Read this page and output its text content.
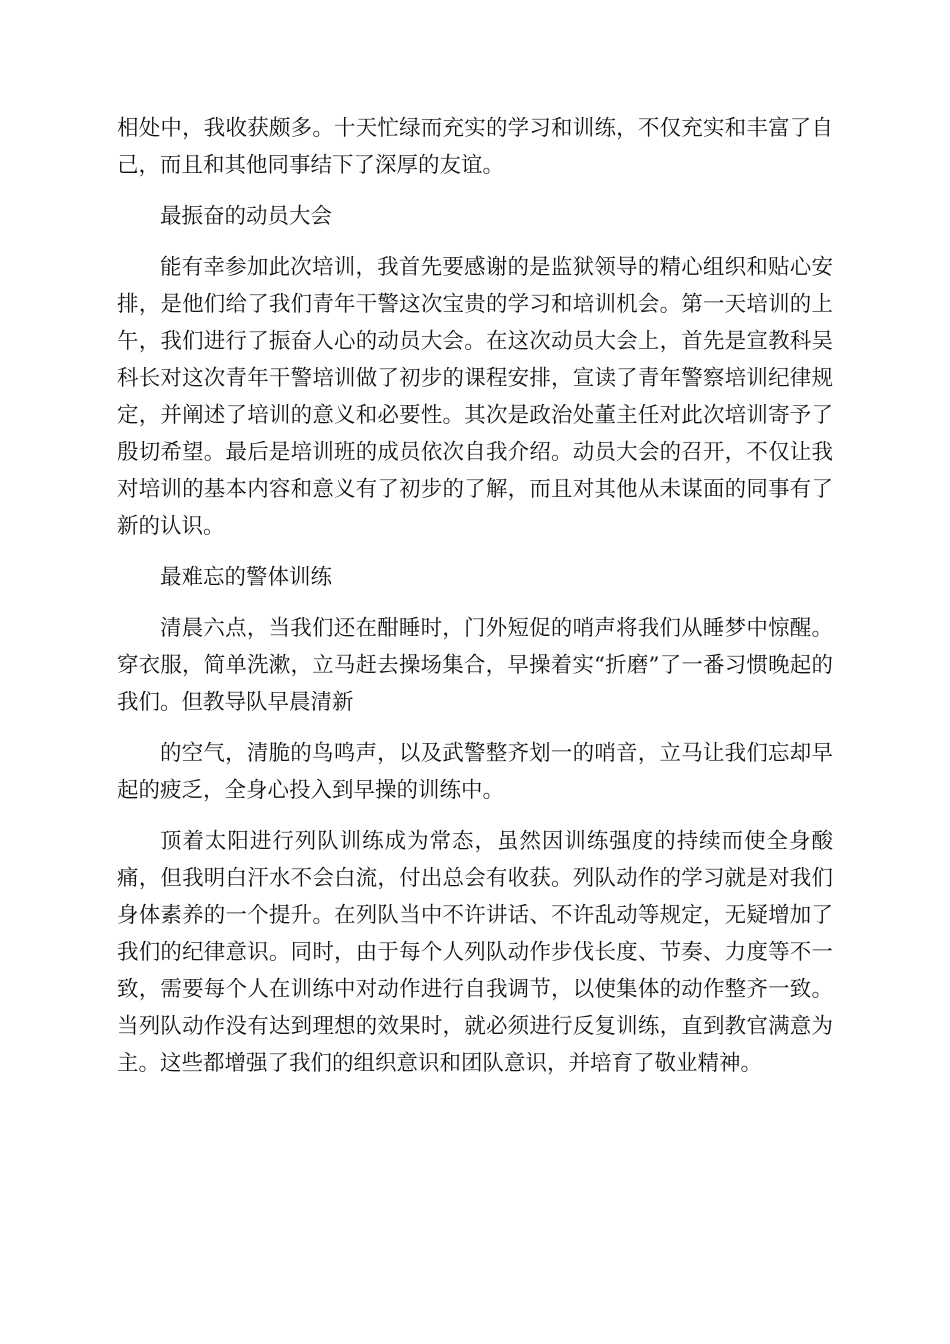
相处中，我收获颇多。十天忙绿而充实的学习和训练，不仅充实和丰富了自己，而且和其他同事结下了深厚的友谊。

最振奋的动员大会

能有幸参加此次培训，我首先要感谢的是监狱领导的精心组织和贴心安排，是他们给了我们青年干警这次宝贵的学习和培训机会。第一天培训的上午，我们进行了振奋人心的动员大会。在这次动员大会上，首先是宣教科吴科长对这次青年干警培训做了初步的课程安排，宣读了青年警察培训纪律规定，并阐述了培训的意义和必要性。其次是政治处董主任对此次培训寄予了殷切希望。最后是培训班的成员依次自我介绍。动员大会的召开，不仅让我对培训的基本内容和意义有了初步的了解，而且对其他从未谋面的同事有了新的认识。

最难忘的警体训练

清晨六点，当我们还在酣睡时，门外短促的哨声将我们从睡梦中惊醒。穿衣服，简单洗漱，立马赶去操场集合，早操着实“折磨”了一番习惯晚起的我们。但教导队早晨清新

的空气，清脆的鸟鸣声，以及武警整齐划一的哨音，立马让我们忘却早起的疲乏，全身心投入到早操的训练中。

顶着太阳进行列队训练成为常态，虽然因训练强度的持续而使全身酸痛，但我明白汗水不会白流，付出总会有收获。列队动作的学习就是对我们身体素养的一个提升。在列队当中不许讲话、不许乱动等规定，无疑增加了我们的纪律意识。同时，由于每个人列队动作步伐长度、节奏、力度等不一致，需要每个人在训练中对动作进行自我调节，以使集体的动作整齐一致。当列队动作没有达到理想的效果时，就必须进行反复训练，直到教官满意为主。这些都增强了我们的组织意识和团队意识，并培育了敬业精神。
